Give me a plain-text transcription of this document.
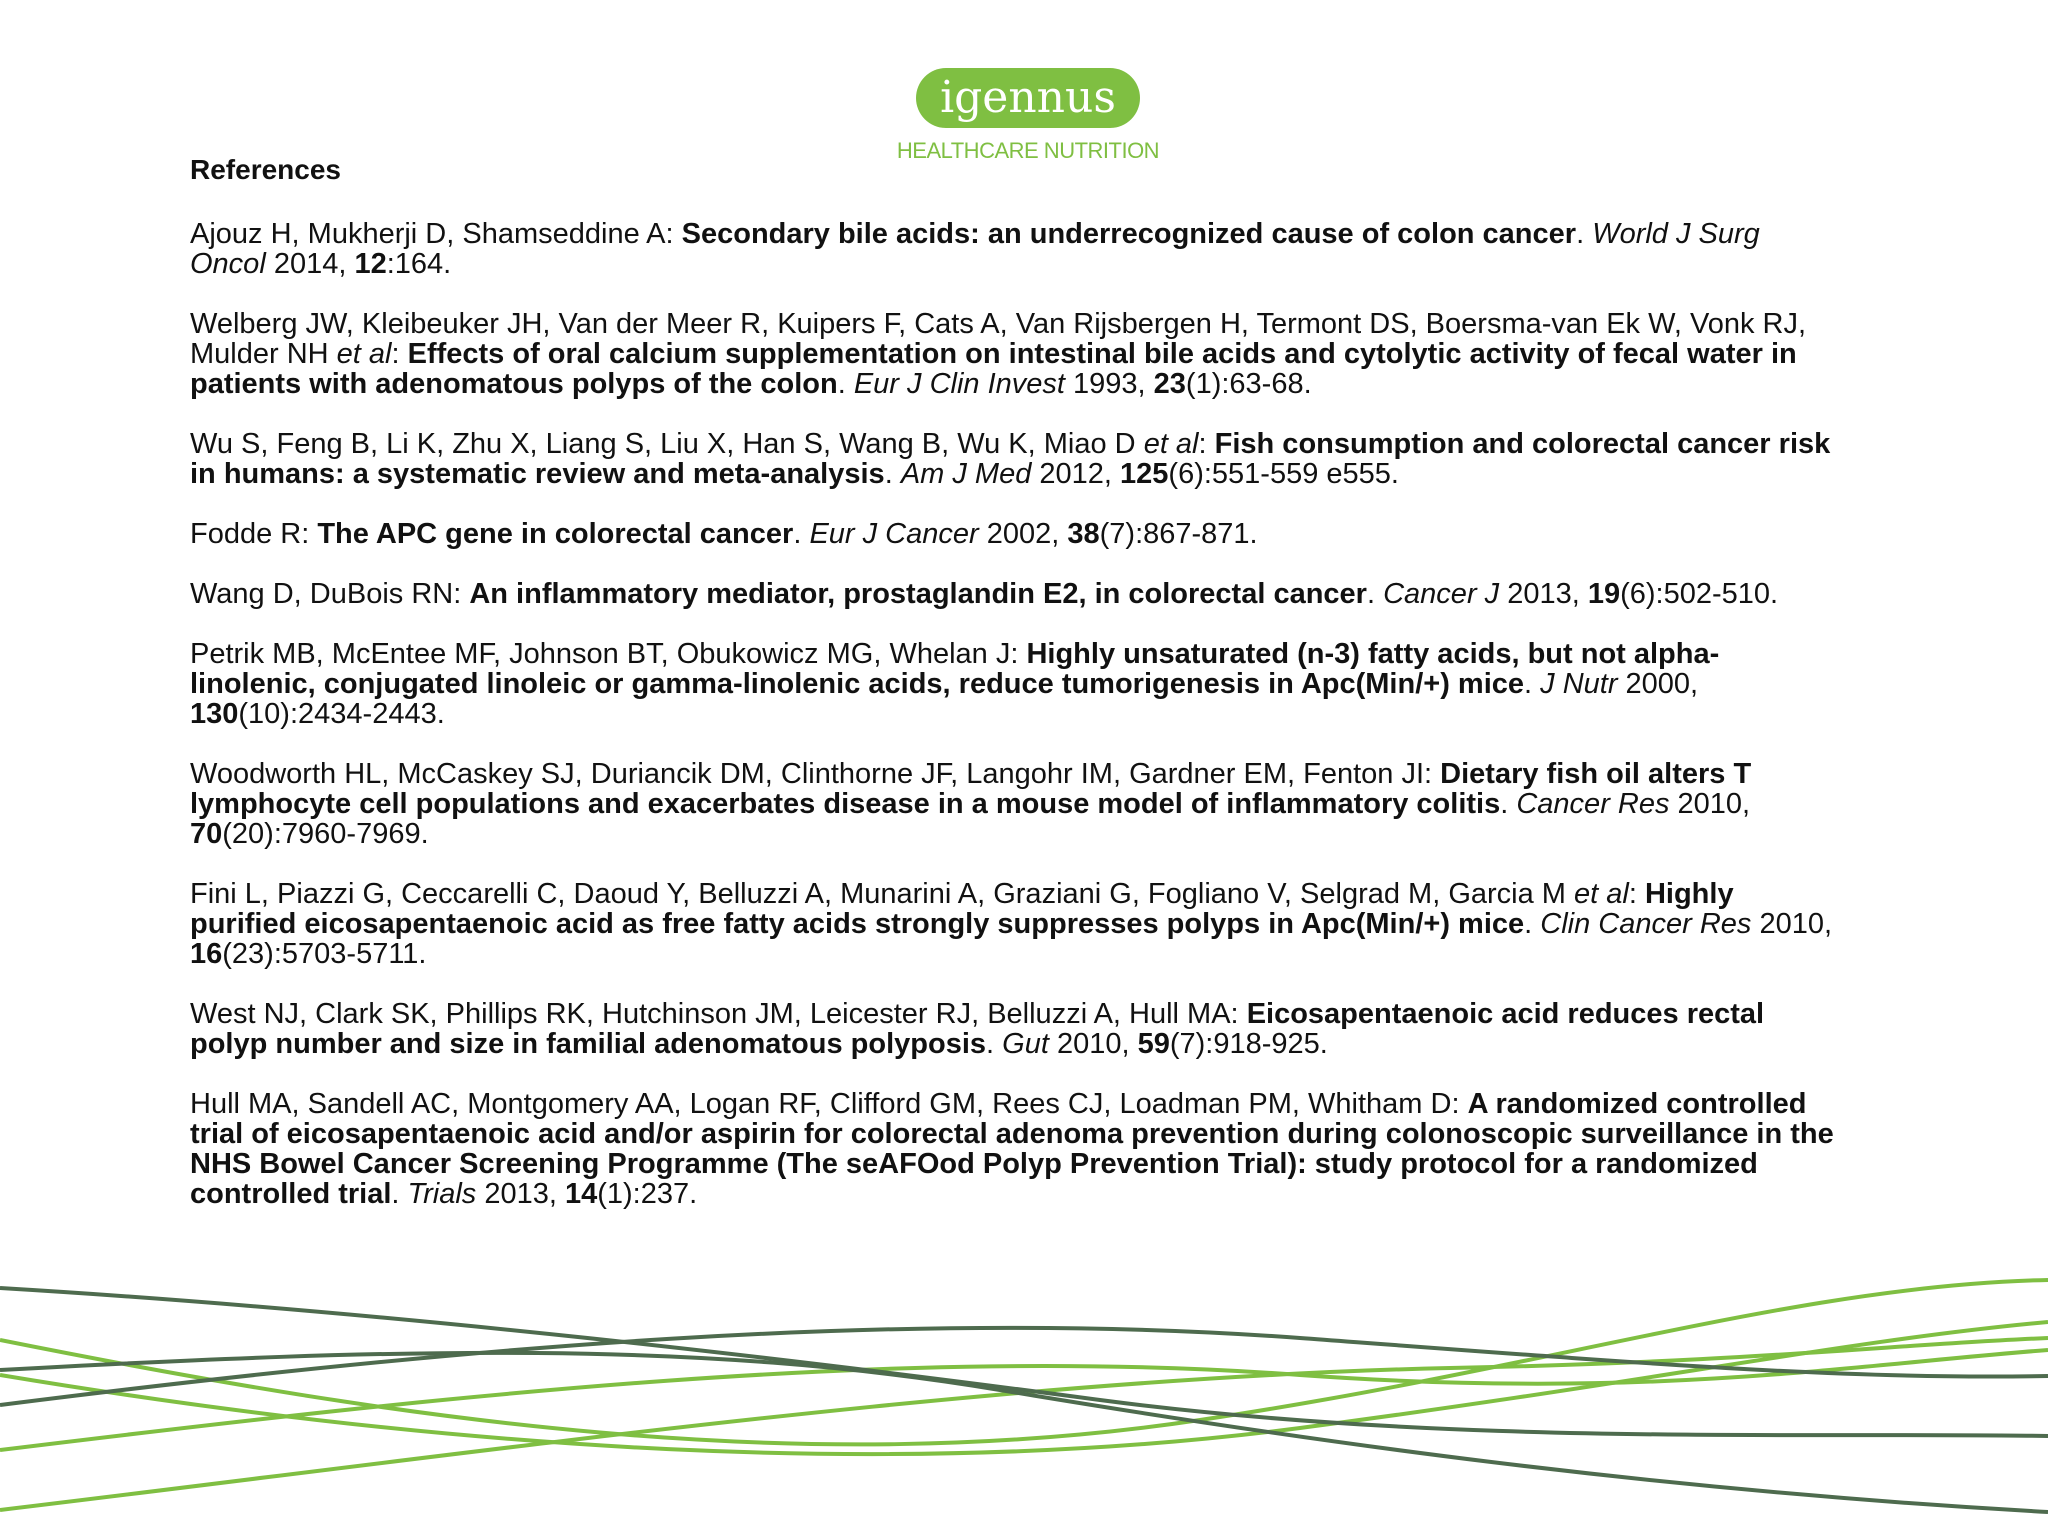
igennus
HEALTHCARE NUTRITION
References
Ajouz H, Mukherji D, Shamseddine A: Secondary bile acids: an underrecognized cause of colon cancer. World J Surg Oncol 2014, 12:164.
Welberg JW, Kleibeuker JH, Van der Meer R, Kuipers F, Cats A, Van Rijsbergen H, Termont DS, Boersma-van Ek W, Vonk RJ, Mulder NH et al: Effects of oral calcium supplementation on intestinal bile acids and cytolytic activity of fecal water in patients with adenomatous polyps of the colon. Eur J Clin Invest 1993, 23(1):63-68.
Wu S, Feng B, Li K, Zhu X, Liang S, Liu X, Han S, Wang B, Wu K, Miao D et al: Fish consumption and colorectal cancer risk in humans: a systematic review and meta-analysis. Am J Med 2012, 125(6):551-559 e555.
Fodde R: The APC gene in colorectal cancer. Eur J Cancer 2002, 38(7):867-871.
Wang D, DuBois RN: An inflammatory mediator, prostaglandin E2, in colorectal cancer. Cancer J 2013, 19(6):502-510.
Petrik MB, McEntee MF, Johnson BT, Obukowicz MG, Whelan J: Highly unsaturated (n-3) fatty acids, but not alpha-linolenic, conjugated linoleic or gamma-linolenic acids, reduce tumorigenesis in Apc(Min/+) mice. J Nutr 2000, 130(10):2434-2443.
Woodworth HL, McCaskey SJ, Duriancik DM, Clinthorne JF, Langohr IM, Gardner EM, Fenton JI: Dietary fish oil alters T lymphocyte cell populations and exacerbates disease in a mouse model of inflammatory colitis. Cancer Res 2010, 70(20):7960-7969.
Fini L, Piazzi G, Ceccarelli C, Daoud Y, Belluzzi A, Munarini A, Graziani G, Fogliano V, Selgrad M, Garcia M et al: Highly purified eicosapentaenoic acid as free fatty acids strongly suppresses polyps in Apc(Min/+) mice. Clin Cancer Res 2010, 16(23):5703-5711.
West NJ, Clark SK, Phillips RK, Hutchinson JM, Leicester RJ, Belluzzi A, Hull MA: Eicosapentaenoic acid reduces rectal polyp number and size in familial adenomatous polyposis. Gut 2010, 59(7):918-925.
Hull MA, Sandell AC, Montgomery AA, Logan RF, Clifford GM, Rees CJ, Loadman PM, Whitham D: A randomized controlled trial of eicosapentaenoic acid and/or aspirin for colorectal adenoma prevention during colonoscopic surveillance in the NHS Bowel Cancer Screening Programme (The seAFOod Polyp Prevention Trial): study protocol for a randomized controlled trial. Trials 2013, 14(1):237.
